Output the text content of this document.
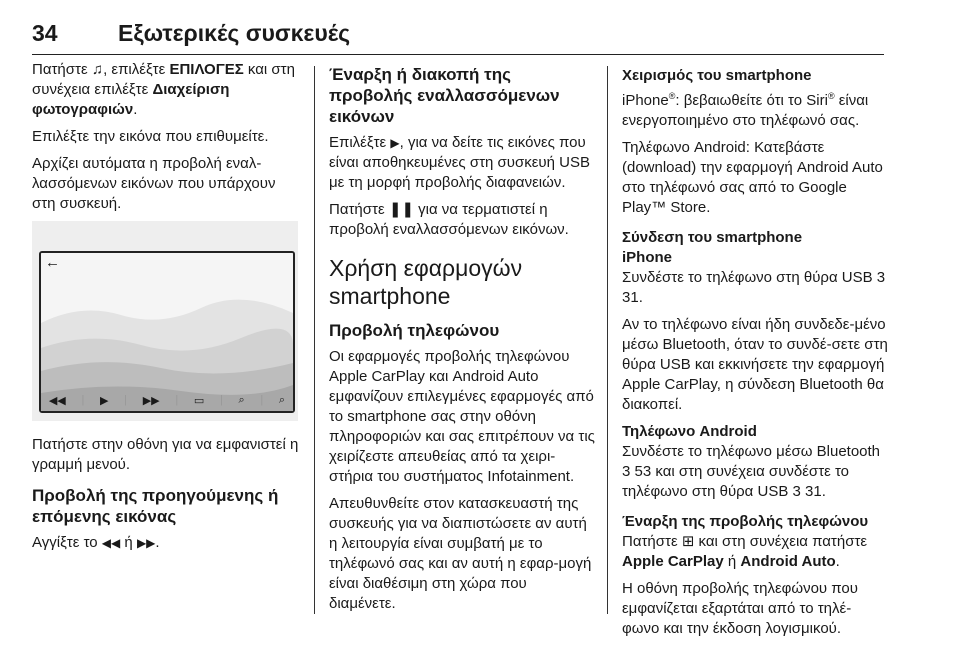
34	Εξωτερικές συσκευές

Πατήστε ♫, επιλέξτε ΕΠΙΛΟΓΕΣ και στη συνέχεια επιλέξτε Διαχείριση φωτογραφιών.

Επιλέξτε την εικόνα που επιθυμείτε.

Αρχίζει αυτόματα η προβολή εναλ-λασσόμενων εικόνων που υπάρχουν στη συσκευή.

←
◀◀ | ▶ | ▶▶ | ▭ | ⌕ | ⌕

Πατήστε στην οθόνη για να εμφανιστεί η γραμμή μενού.

Προβολή της προηγούμενης ή επόμενης εικόνας

Αγγίξτε το ◀◀ ή ▶▶.

Έναρξη ή διακοπή της προβολής εναλλασσόμενων εικόνων

Επιλέξτε ▶, για να δείτε τις εικόνες που είναι αποθηκευμένες στη συσκευή USB με τη μορφή προβολής διαφανειών.

Πατήστε ❚❚ για να τερματιστεί η προβολή εναλλασσόμενων εικόνων.

Χρήση εφαρμογών smartphone
Προβολή τηλεφώνου

Οι εφαρμογές προβολής τηλεφώνου Apple CarPlay και Android Auto εμφανίζουν επιλεγμένες εφαρμογές από το smartphone σας στην οθόνη πληροφοριών και σας επιτρέπουν να τις χειρίζεστε απευθείας από τα χειρι-στήρια του συστήματος Infotainment.

Απευθυνθείτε στον κατασκευαστή της συσκευής για να διαπιστώσετε αν αυτή η λειτουργία είναι συμβατή με το τηλέφωνό σας και αν αυτή η εφαρ-μογή είναι διαθέσιμη στη χώρα που διαμένετε.

Χειρισμός του smartphone

iPhone®: βεβαιωθείτε ότι το Siri® είναι ενεργοποιημένο στο τηλέφωνό σας.

Τηλέφωνο Android: Κατεβάστε (download) την εφαρμογή Android Auto στο τηλέφωνό σας από το Google Play™ Store.

Σύνδεση του smartphone
iPhone

Συνδέστε το τηλέφωνο στη θύρα USB 3 31.

Αν το τηλέφωνο είναι ήδη συνδεδε-μένο μέσω Bluetooth, όταν το συνδέ-σετε στη θύρα USB και εκκινήσετε την εφαρμογή Apple CarPlay, η σύνδεση Bluetooth θα διακοπεί.

Τηλέφωνο Android

Συνδέστε το τηλέφωνο μέσω Bluetooth 3 53 και στη συνέχεια συνδέστε το τηλέφωνο στη θύρα USB 3 31.

Έναρξη της προβολής τηλεφώνου

Πατήστε ⊞ και στη συνέχεια πατήστε Apple CarPlay ή Android Auto.

Η οθόνη προβολής τηλεφώνου που εμφανίζεται εξαρτάται από το τηλέ-φωνο και την έκδοση λογισμικού.
